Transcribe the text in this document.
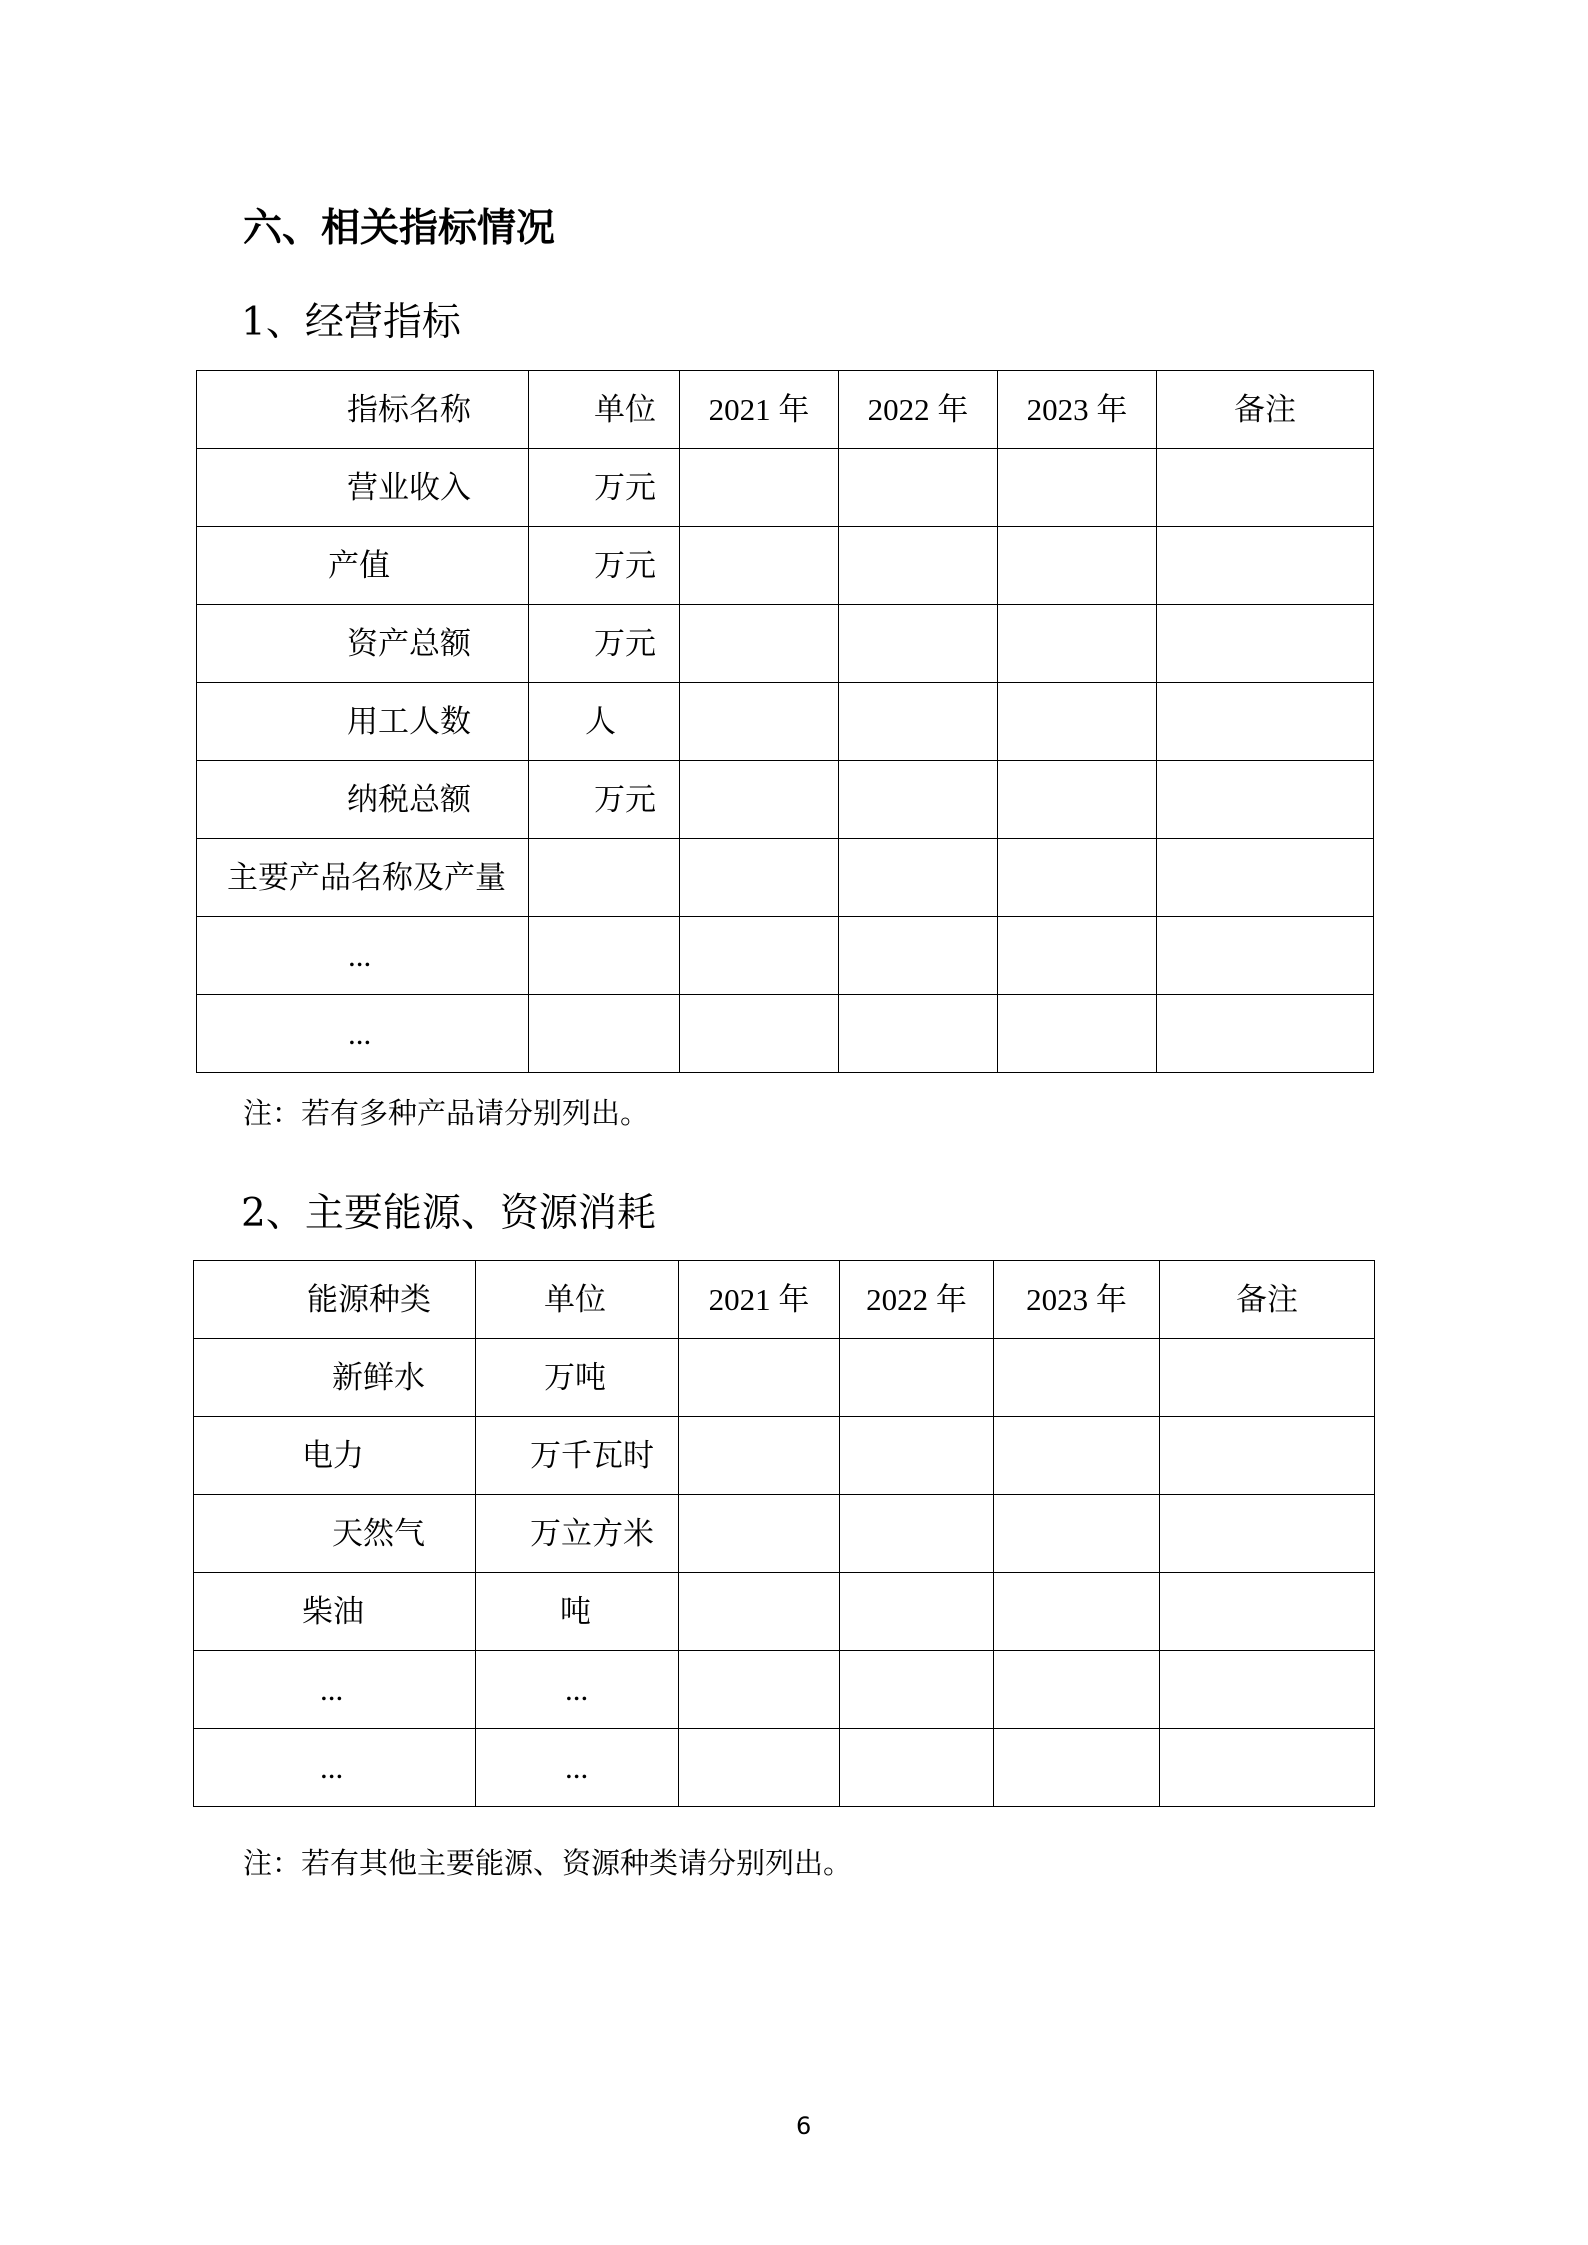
六、相关指标情况
1、经营指标
指标名称	单位	2021 年	2022 年	2023 年	备注
营业收入	万元				
产值	万元				
资产总额	万元				
用工人数	人				
纳税总额	万元				
主要产品名称及产量					
...					
...					
注：若有多种产品请分别列出。
2、主要能源、资源消耗
能源种类	单位	2021 年	2022 年	2023 年	备注
新鲜水	万吨				
电力	万千瓦时				
天然气	万立方米				
柴油	吨				
...	...				
...	...				
注：若有其他主要能源、资源种类请分别列出。
6
